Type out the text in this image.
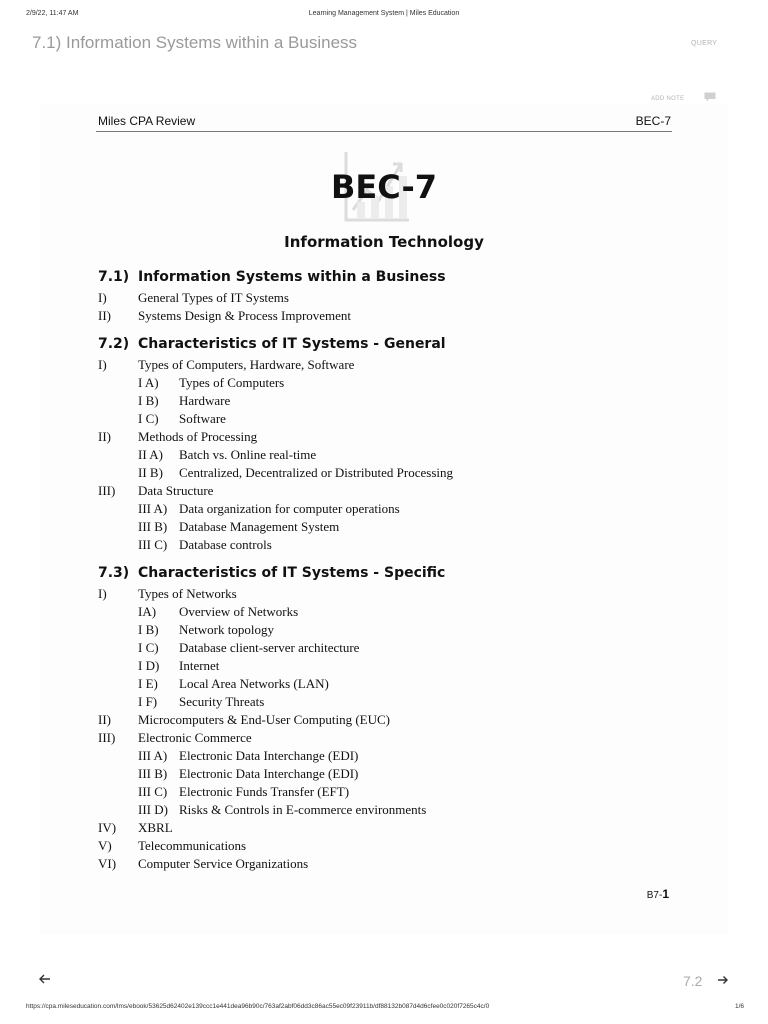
2/9/22, 11:47 AM	Learning Management System | Miles Education
7.1) Information Systems within a Business	QUERY
ADD NOTE
Miles CPA Review	BEC-7
BEC-7
Information Technology
7.1) Information Systems within a Business
I) General Types of IT Systems
II) Systems Design & Process Improvement
7.2) Characteristics of IT Systems - General
I) Types of Computers, Hardware, Software
I A) Types of Computers
I B) Hardware
I C) Software
II) Methods of Processing
II A) Batch vs. Online real-time
II B) Centralized, Decentralized or Distributed Processing
III) Data Structure
III A) Data organization for computer operations
III B) Database Management System
III C) Database controls
7.3) Characteristics of IT Systems - Specific
I) Types of Networks
IA) Overview of Networks
I B) Network topology
I C) Database client-server architecture
I D) Internet
I E) Local Area Networks (LAN)
I F) Security Threats
II) Microcomputers & End-User Computing (EUC)
III) Electronic Commerce
III A) Electronic Data Interchange (EDI)
III B) Electronic Data Interchange (EDI)
III C) Electronic Funds Transfer (EFT)
III D) Risks & Controls in E-commerce environments
IV) XBRL
V) Telecommunications
VI) Computer Service Organizations
B7-1
7.2
https://cpa.mileseducation.com/lms/ebook/53625d62402e139ccc1e441dea96b90c/763af2abf06dd3c86ac55ec09f23911b/df88132b087d4d6cfee0c020f7265c4c/0	1/6
